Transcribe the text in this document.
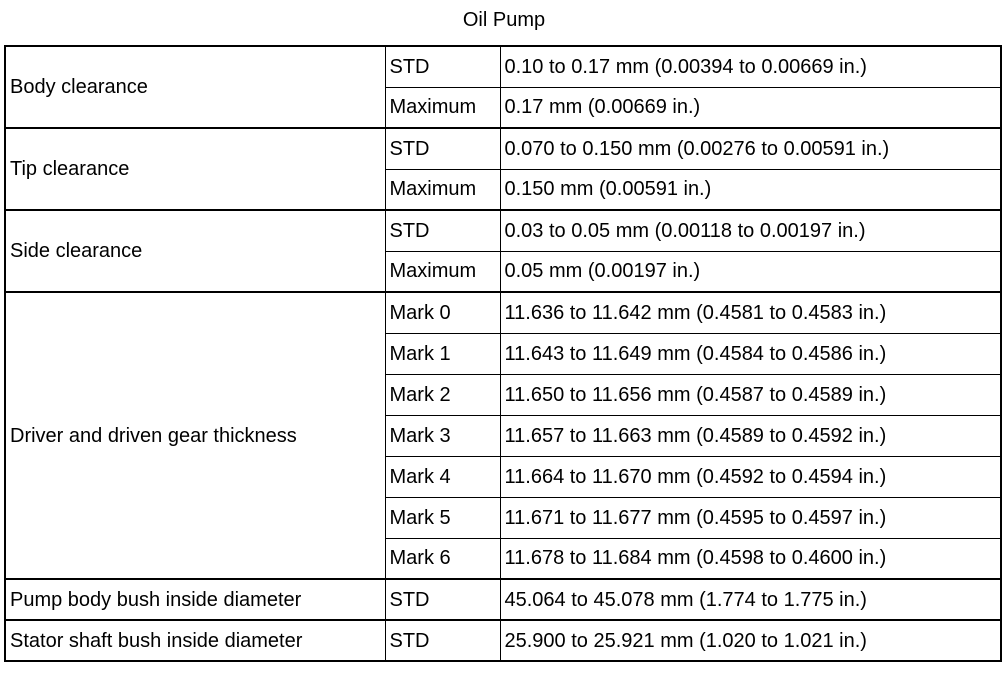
Oil Pump
Body clearance	STD	0.10 to 0.17 mm (0.00394 to 0.00669 in.)
	Maximum	0.17 mm (0.00669 in.)
Tip clearance	STD	0.070 to 0.150 mm (0.00276 to 0.00591 in.)
	Maximum	0.150 mm (0.00591 in.)
Side clearance	STD	0.03 to 0.05 mm (0.00118 to 0.00197 in.)
	Maximum	0.05 mm (0.00197 in.)
Driver and driven gear thickness	Mark 0	11.636 to 11.642 mm (0.4581 to 0.4583 in.)
	Mark 1	11.643 to 11.649 mm (0.4584 to 0.4586 in.)
	Mark 2	11.650 to 11.656 mm (0.4587 to 0.4589 in.)
	Mark 3	11.657 to 11.663 mm (0.4589 to 0.4592 in.)
	Mark 4	11.664 to 11.670 mm (0.4592 to 0.4594 in.)
	Mark 5	11.671 to 11.677 mm (0.4595 to 0.4597 in.)
	Mark 6	11.678 to 11.684 mm (0.4598 to 0.4600 in.)
Pump body bush inside diameter	STD	45.064 to 45.078 mm (1.774 to 1.775 in.)
Stator shaft bush inside diameter	STD	25.900 to 25.921 mm (1.020 to 1.021 in.)
